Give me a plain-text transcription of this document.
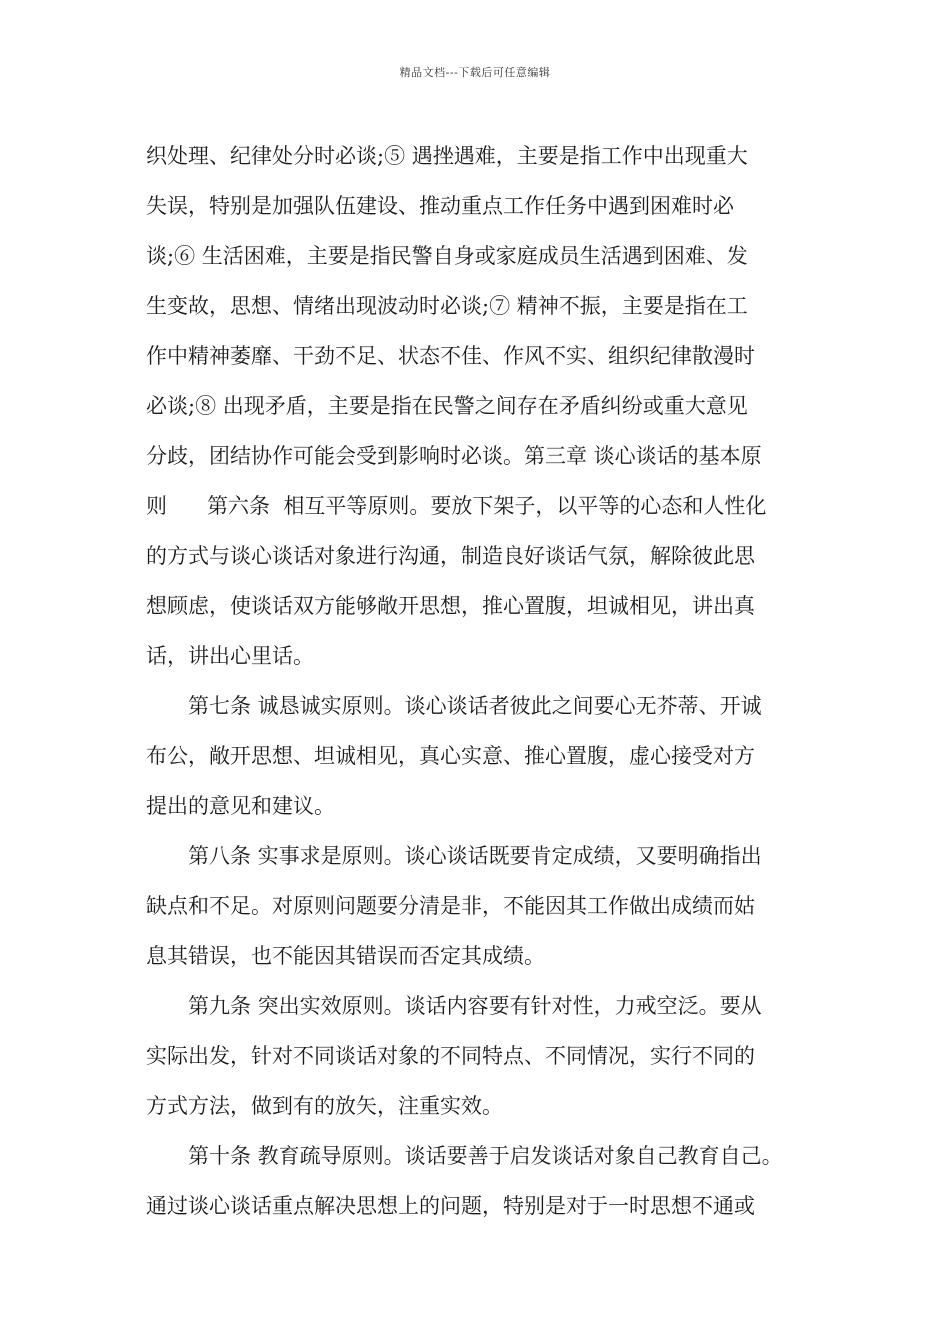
精品文档---下载后可任意编辑
织处理、纪律处分时必谈;⑤ 遇挫遇难，主要是指工作中出现重大
失误，特别是加强队伍建设、推动重点工作任务中遇到困难时必
谈;⑥ 生活困难，主要是指民警自身或家庭成员生活遇到困难、发
生变故，思想、情绪出现波动时必谈;⑦ 精神不振，主要是指在工
作中精神萎靡、干劲不足、状态不佳、作风不实、组织纪律散漫时
必谈;⑧ 出现矛盾，主要是指在民警之间存在矛盾纠纷或重大意见
分歧，团结协作可能会受到影响时必谈。第三章 谈心谈话的基本原
则      第六条  相互平等原则。要放下架子，以平等的心态和人性化
的方式与谈心谈话对象进行沟通，制造良好谈话气氛，解除彼此思
想顾虑，使谈话双方能够敞开思想，推心置腹，坦诚相见，讲出真
话，讲出心里话。
第七条 诚恳诚实原则。谈心谈话者彼此之间要心无芥蒂、开诚
布公，敞开思想、坦诚相见，真心实意、推心置腹，虚心接受对方
提出的意见和建议。
第八条 实事求是原则。谈心谈话既要肯定成绩，又要明确指出
缺点和不足。对原则问题要分清是非，不能因其工作做出成绩而姑
息其错误，也不能因其错误而否定其成绩。
第九条 突出实效原则。谈话内容要有针对性，力戒空泛。要从
实际出发，针对不同谈话对象的不同特点、不同情况，实行不同的
方式方法，做到有的放矢，注重实效。
第十条 教育疏导原则。谈话要善于启发谈话对象自己教育自己。
通过谈心谈话重点解决思想上的问题，特别是对于一时思想不通或
